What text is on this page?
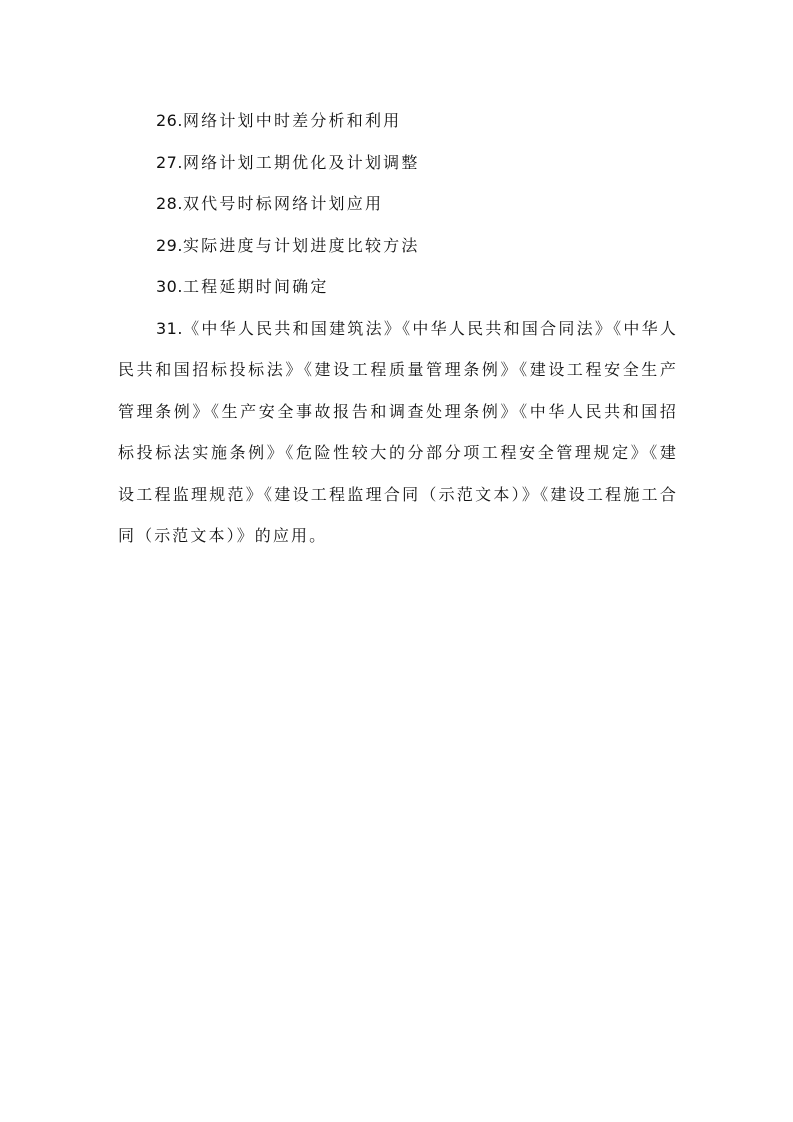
26.网络计划中时差分析和利用
27.网络计划工期优化及计划调整
28.双代号时标网络计划应用
29.实际进度与计划进度比较方法
30.工程延期时间确定
31.《中华人民共和国建筑法》《中华人民共和国合同法》《中华人民共和国招标投标法》《建设工程质量管理条例》《建设工程安全生产管理条例》《生产安全事故报告和调查处理条例》《中华人民共和国招标投标法实施条例》《危险性较大的分部分项工程安全管理规定》《建设工程监理规范》《建设工程监理合同（示范文本）》《建设工程施工合同（示范文本）》的应用。
